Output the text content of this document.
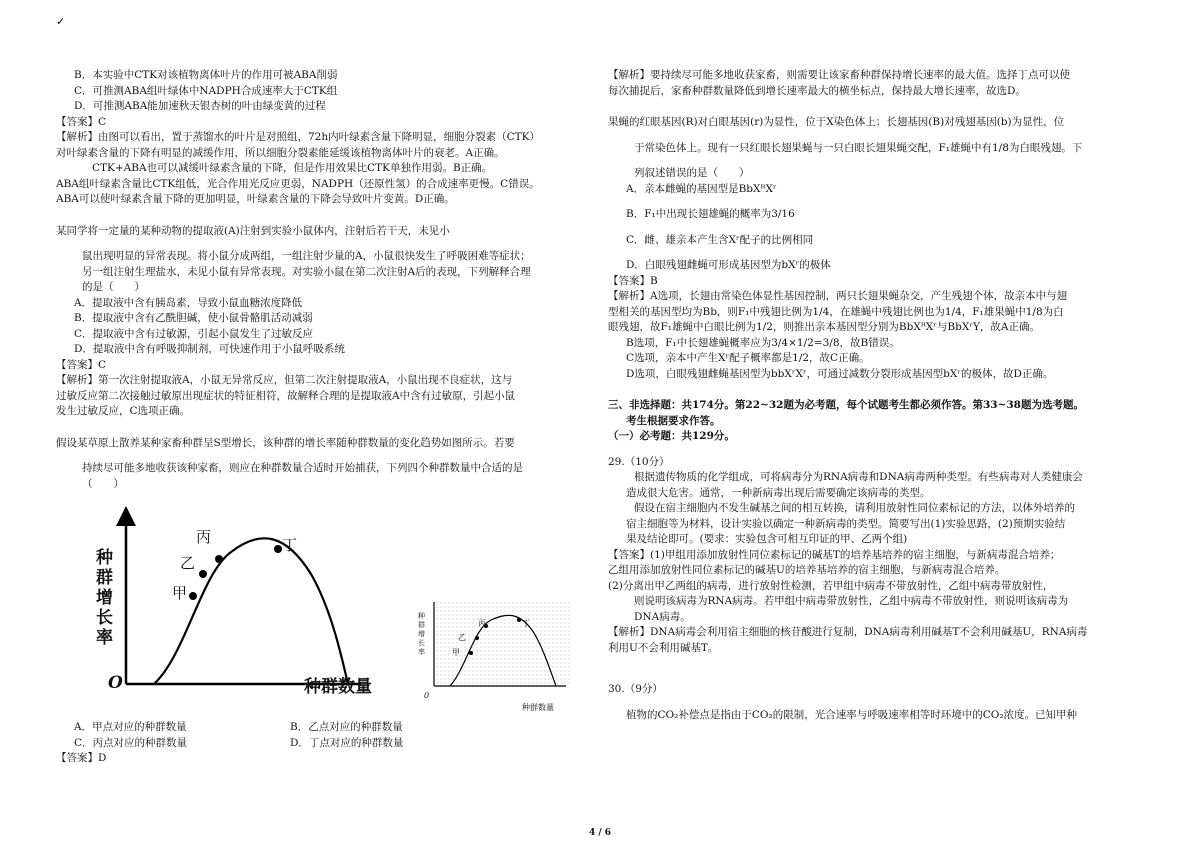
✓

B．本实验中CTK对该植物离体叶片的作用可被ABA削弱

C．可推测ABA组叶绿体中NADPH合成速率大于CTK组

D．可推测ABA能加速秋天银杏树的叶由绿变黄的过程

【答案】C

【解析】由图可以看出，置于蒸馏水的叶片是对照组，72h内叶绿素含量下降明显，细胞分裂素（CTK）

对叶绿素含量的下降有明显的减缓作用，所以细胞分裂素能延缓该植物离体叶片的衰老。A正确。

CTK+ABA也可以减缓叶绿素含量的下降，但是作用效果比CTK单独作用弱。B正确。

ABA组叶绿素含量比CTK组低，光合作用光反应更弱，NADPH（还原性氢）的合成速率更慢。C错误。

ABA可以使叶绿素含量下降的更加明显，叶绿素含量的下降会导致叶片变黄。D正确。

某同学将一定量的某种动物的提取液(A)注射到实验小鼠体内，注射后若干天，未见小

鼠出现明显的异常表现。将小鼠分成两组，一组注射少量的A，小鼠很快发生了呼吸困难等症状；

另一组注射生理盐水，未见小鼠有异常表现。对实验小鼠在第二次注射A后的表现，下列解释合理

的是（　　）

A．提取液中含有胰岛素，导致小鼠血糖浓度降低

B．提取液中含有乙酰胆碱，使小鼠骨骼肌活动减弱

C．提取液中含有过敏源，引起小鼠发生了过敏反应

D．提取液中含有呼吸抑制剂，可快速作用于小鼠呼吸系统

【答案】C

【解析】第一次注射提取液A，小鼠无异常反应，但第二次注射提取液A，小鼠出现不良症状，这与

过敏反应第二次接触过敏原出现症状的特征相符，故解释合理的是提取液A中含有过敏原，引起小鼠

发生过敏反应，C选项正确。

假设某草原上散养某种家畜种群呈S型增长，该种群的增长率随种群数量的变化趋势如图所示。若要

持续尽可能多地收获该种家畜，则应在种群数量合适时开始捕获，下列四个种群数量中合适的是

（　　）

种群增长率
O	种群数量
甲
乙
丙	丁
种群增长率
0
种群数量
甲
乙
丙	丁
A．甲点对应的种群数量	B．乙点对应的种群数量
C．丙点对应的种群数量	D．丁点对应的种群数量

【答案】D

【解析】要持续尽可能多地收获家畜，则需要让该家畜种群保持增长速率的最大值。选择丁点可以使

每次捕捉后，家畜种群数量降低到增长速率最大的横坐标点，保持最大增长速率，故选D。

果蝇的红眼基因(R)对白眼基因(r)为显性，位于X染色体上；长翅基因(B)对残翅基因(b)为显性，位

于常染色体上。现有一只红眼长翅果蝇与一只白眼长翅果蝇交配，F₁雄蝇中有1/8为白眼残翅。下

列叙述错误的是（　　）

A．亲本雌蝇的基因型是BbXᴿXʳ

B．F₁中出现长翅雄蝇的概率为3/16

C．雌、雄亲本产生含Xʳ配子的比例相同

D．白眼残翅雌蝇可形成基因型为bXʳ的极体

【答案】B

【解析】A选项，长翅由常染色体显性基因控制，两只长翅果蝇杂交，产生残翅个体，故亲本中与翅

型相关的基因型均为Bb，则F₁中残翅比例为1/4，在雄蝇中残翅比例也为1/4，F₁雄果蝇中1/8为白

眼残翅，故F₁雄蝇中白眼比例为1/2，则推出亲本基因型分别为BbXᴿXʳ与BbXʳY，故A正确。

B选项，F₁中长翅雄蝇概率应为3/4×1/2=3/8，故B错误。

C选项，亲本中产生Xʳ配子概率都是1/2，故C正确。

D选项，白眼残翅雌蝇基因型为bbXʳXʳ，可通过减数分裂形成基因型bXʳ的极体，故D正确。

三、非选择题：共174分。第22~32题为必考题，每个试题考生都必须作答。第33~38题为选考题。

考生根据要求作答。

（一）必考题：共129分。

29.（10分）

根据遗传物质的化学组成，可将病毒分为RNA病毒和DNA病毒两种类型。有些病毒对人类健康会

造成很大危害。通常，一种新病毒出现后需要确定该病毒的类型。

假设在宿主细胞内不发生碱基之间的相互转换，请利用放射性同位素标记的方法，以体外培养的

宿主细胞等为材料，设计实验以确定一种新病毒的类型。简要写出(1)实验思路，(2)预期实验结

果及结论即可。(要求：实验包含可相互印证的甲、乙两个组)

【答案】(1)甲组用添加放射性同位素标记的碱基T的培养基培养的宿主细胞，与新病毒混合培养；

乙组用添加放射性同位素标记的碱基U的培养基培养的宿主细胞，与新病毒混合培养。

(2)分离出甲乙两组的病毒，进行放射性检测，若甲组中病毒不带放射性，乙组中病毒带放射性，

则说明该病毒为RNA病毒。若甲组中病毒带放射性，乙组中病毒不带放射性，则说明该病毒为

DNA病毒。

【解析】DNA病毒会利用宿主细胞的核苷酸进行复制，DNA病毒利用碱基T不会利用碱基U，RNA病毒

利用U不会利用碱基T。

30.（9分）

植物的CO₂补偿点是指由于CO₂的限制，光合速率与呼吸速率相等时环境中的CO₂浓度。已知甲种

4 / 6
